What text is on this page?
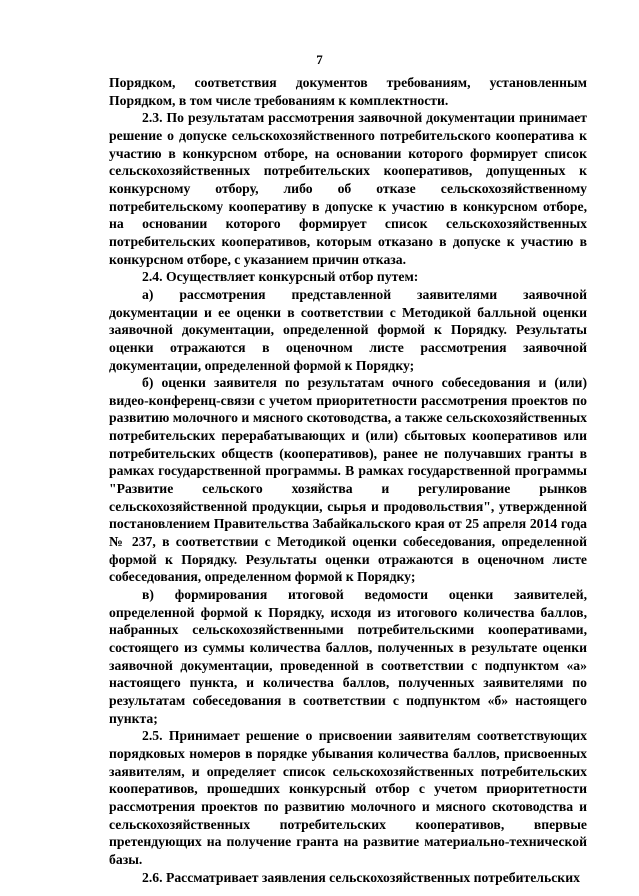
7

Порядком, соответствия документов требованиям, установленным Порядком, в том числе требованиям к комплектности.

2.3. По результатам рассмотрения заявочной документации принимает решение о допуске сельскохозяйственного потребительского кооператива к участию в конкурсном отборе, на основании которого формирует список сельскохозяйственных потребительских кооперативов, допущенных к конкурсному отбору, либо об отказе сельскохозяйственному потребительскому кооперативу в допуске к участию в конкурсном отборе, на основании которого формирует список сельскохозяйственных потребительских кооперативов, которым отказано в допуске к участию в конкурсном отборе, с указанием причин отказа.

2.4. Осуществляет конкурсный отбор путем:

а) рассмотрения представленной заявителями заявочной документации и ее оценки в соответствии с Методикой балльной оценки заявочной документации, определенной формой к Порядку. Результаты оценки отражаются в оценочном листе рассмотрения заявочной документации, определенной формой к Порядку;

б) оценки заявителя по результатам очного собеседования и (или) видео-конференц-связи с учетом приоритетности рассмотрения проектов по развитию молочного и мясного скотоводства, а также сельскохозяйственных потребительских перерабатывающих и (или) сбытовых кооперативов или потребительских обществ (кооперативов), ранее не получавших гранты в рамках государственной программы. В рамках государственной программы "Развитие сельского хозяйства и регулирование рынков сельскохозяйственной продукции, сырья и продовольствия", утвержденной постановлением Правительства Забайкальского края от 25 апреля 2014 года № 237, в соответствии с Методикой оценки собеседования, определенной формой к Порядку. Результаты оценки отражаются в оценочном листе собеседования, определенном формой к Порядку;

в) формирования итоговой ведомости оценки заявителей, определенной формой к Порядку, исходя из итогового количества баллов, набранных сельскохозяйственными потребительскими кооперативами, состоящего из суммы количества баллов, полученных в результате оценки заявочной документации, проведенной в соответствии с подпунктом «а» настоящего пункта, и количества баллов, полученных заявителями по результатам собеседования в соответствии с подпунктом «б» настоящего пункта;

2.5. Принимает решение о присвоении заявителям соответствующих порядковых номеров в порядке убывания количества баллов, присвоенных заявителям, и определяет список сельскохозяйственных потребительских кооперативов, прошедших конкурсный отбор с учетом приоритетности рассмотрения проектов по развитию молочного и мясного скотоводства и сельскохозяйственных потребительских кооперативов, впервые претендующих на получение гранта на развитие материально-технической базы.

2.6. Рассматривает заявления сельскохозяйственных потребительских
